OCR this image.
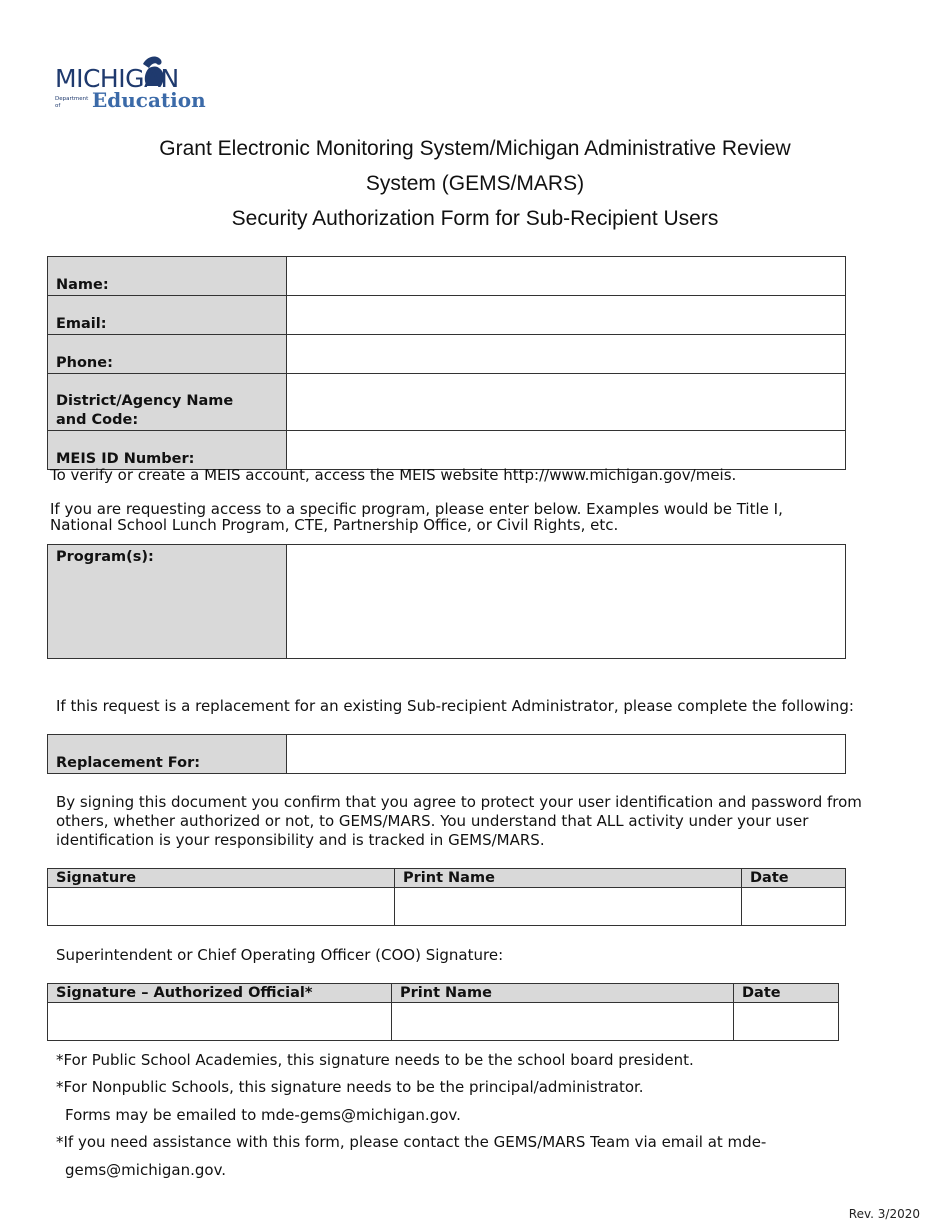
MICHIGAN
Department of	Education
Grant Electronic Monitoring System/Michigan Administrative Review
System (GEMS/MARS)
Security Authorization Form for Sub-Recipient Users
Name:	
Email:	
Phone:	

District/Agency Name
and Code:	

MEIS ID Number:	
To verify or create a MEIS account, access the MEIS website http://www.michigan.gov/meis.
If you are requesting access to a specific program, please enter below. Examples would be Title I,
National School Lunch Program, CTE, Partnership Office, or Civil Rights, etc.
Program(s):	
If this request is a replacement for an existing Sub-recipient Administrator, please complete the following:
Replacement For:	
By signing this document you confirm that you agree to protect your user identification and password from
others, whether authorized or not, to GEMS/MARS. You understand that ALL activity under your user
identification is your responsibility and is tracked in GEMS/MARS.
Signature	Print Name	Date

Superintendent or Chief Operating Officer (COO) Signature:
Signature – Authorized Official*	Print Name	Date

*For Public School Academies, this signature needs to be the school board president.
*For Nonpublic Schools, this signature needs to be the principal/administrator.
Forms may be emailed to mde-gems@michigan.gov.
*If you need assistance with this form, please contact the GEMS/MARS Team via email at mde-
gems@michigan.gov.
Rev. 3/2020
